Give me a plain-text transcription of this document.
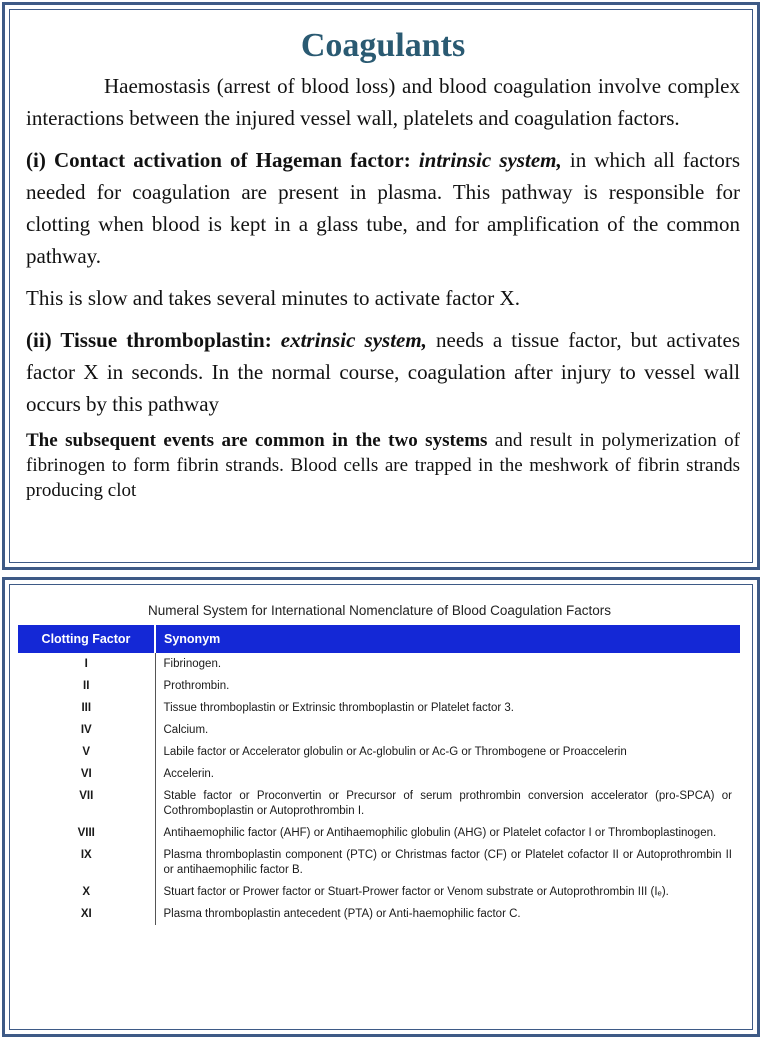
Coagulants

Haemostasis (arrest of blood loss) and blood coagulation involve complex interactions between the injured vessel wall, platelets and coagulation factors.

(i) Contact activation of Hageman factor: intrinsic system, in which all factors needed for coagulation are present in plasma. This pathway is responsible for clotting when blood is kept in a glass tube, and for amplification of the common pathway.

This is slow and takes several minutes to activate factor X.

(ii) Tissue thromboplastin: extrinsic system, needs a tissue factor, but activates factor X in seconds. In the normal course, coagulation after injury to vessel wall occurs by this pathway

The subsequent events are common in the two systems and result in polymerization of fibrinogen to form fibrin strands. Blood cells are trapped in the meshwork of fibrin strands producing clot

Numeral System for International Nomenclature of Blood Coagulation Factors
Clotting Factor	Synonym
I	Fibrinogen.
II	Prothrombin.
III	Tissue thromboplastin or Extrinsic thromboplastin or Platelet factor 3.
IV	Calcium.
V	Labile factor or Accelerator globulin or Ac-globulin or Ac-G or Thrombogene or Proaccelerin
VI	Accelerin.
VII	Stable factor or Proconvertin or Precursor of serum prothrombin conversion accelerator (pro-SPCA) or Cothromboplastin or Autoprothrombin I.
VIII	Antihaemophilic factor (AHF) or Antihaemophilic globulin (AHG) or Platelet cofactor I or Thromboplastinogen.
IX	Plasma thromboplastin component (PTC) or Christmas factor (CF) or Platelet cofactor II or Autoprothrombin II or antihaemophilic factor B.
X	Stuart factor or Prower factor or Stuart-Prower factor or Venom substrate or Autoprothrombin III (Iₑ).
XI	Plasma thromboplastin antecedent (PTA) or Anti-haemophilic factor C.
